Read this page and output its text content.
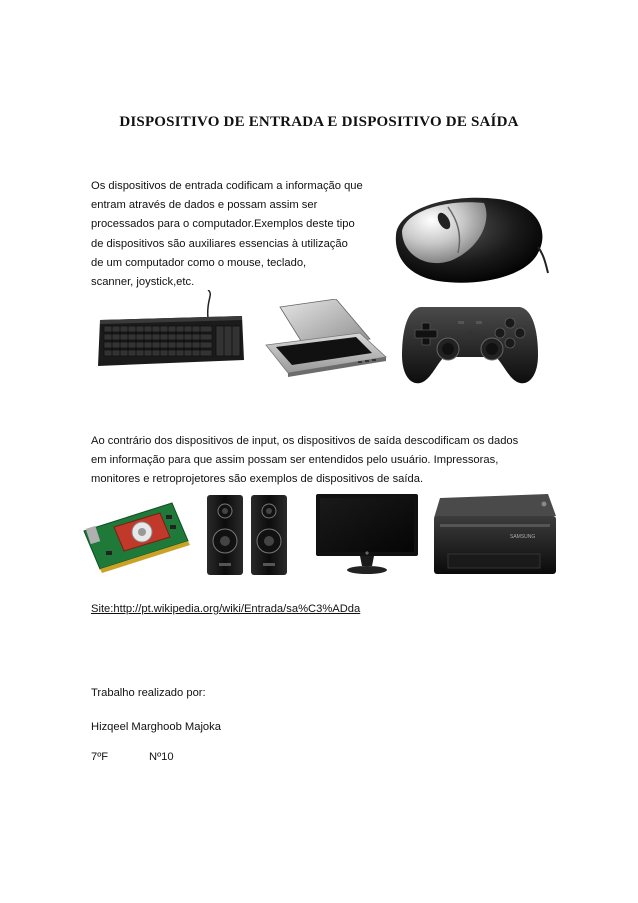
DISPOSITIVO DE ENTRADA E DISPOSITIVO DE SAÍDA

Os dispositivos de entrada codificam a informação que
entram através de dados e possam assim ser
processados para o computador.Exemplos deste tipo
de dispositivos são auxiliares essencias à utilização
de um computador como o mouse, teclado,
scanner, joystick,etc.

Ao contrário dos dispositivos de input, os dispositivos de saída descodificam os dados
em informação para que assim possam ser entendidos pelo usuário. Impressoras,
monitores e retroprojetores são exemplos de dispositivos de saída.

SAMSUNG
Site:http://pt.wikipedia.org/wiki/Entrada/sa%C3%ADda
Trabalho realizado por:
Hizqeel Marghoob Majoka
7ºF	Nº10
